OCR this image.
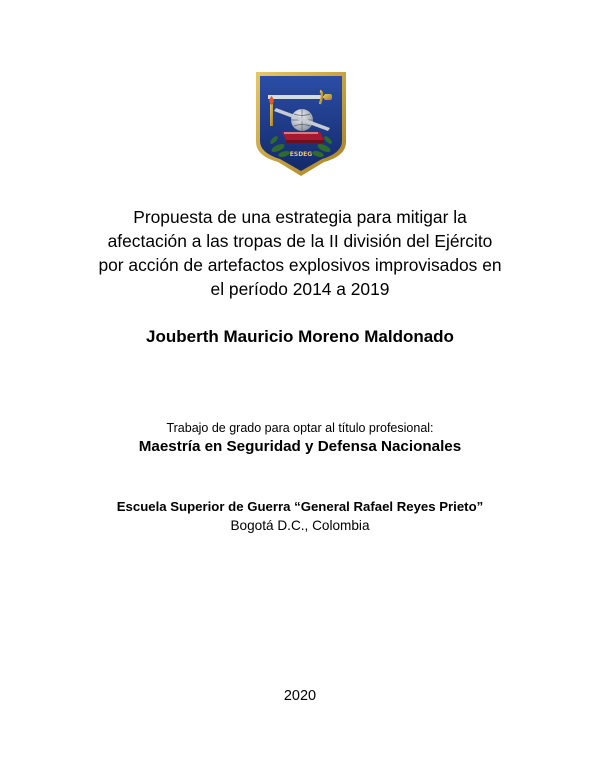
ESDEG
Propuesta de una estrategia para mitigar la
afectación a las tropas de la II división del Ejército
por acción de artefactos explosivos improvisados en
el período 2014 a 2019

Jouberth Mauricio Moreno Maldonado

Trabajo de grado para optar al título profesional:

Maestría en Seguridad y Defensa Nacionales

Escuela Superior de Guerra “General Rafael Reyes Prieto”

Bogotá D.C., Colombia

2020
